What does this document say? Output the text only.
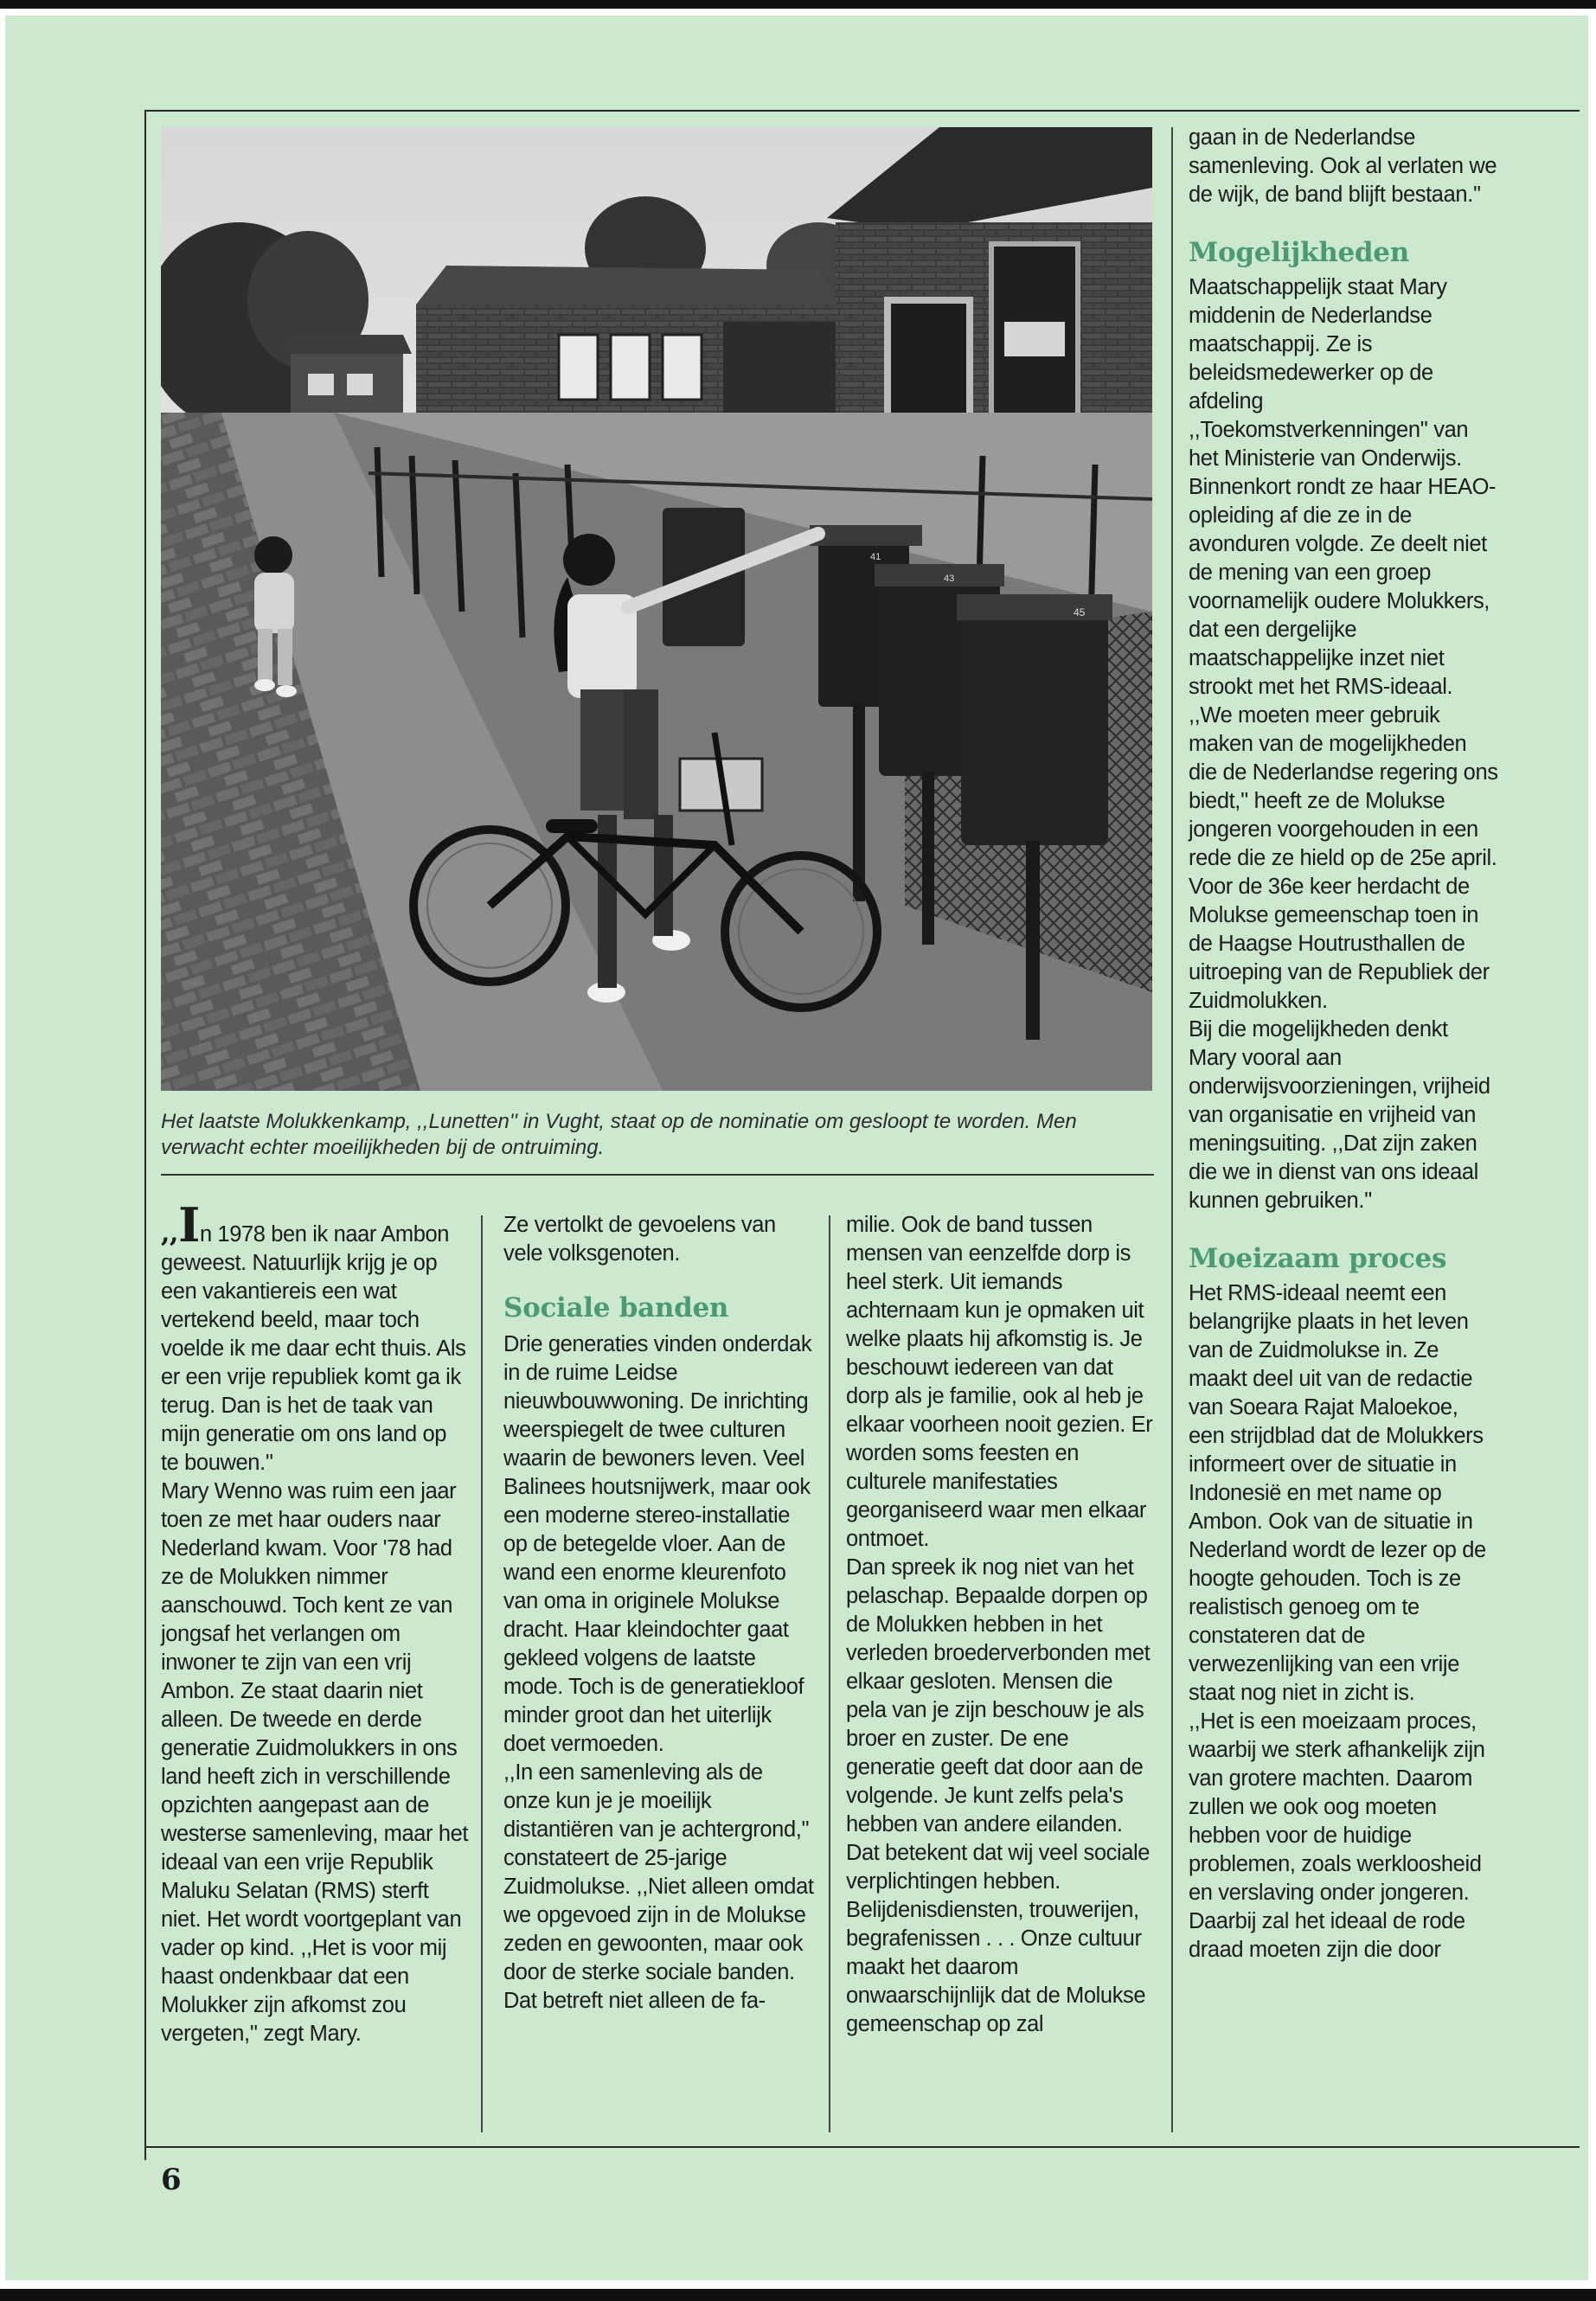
41
43
45
Het laatste Molukkenkamp, ,,Lunetten'' in Vught, staat op de nominatie om gesloopt te worden. Men verwacht echter moeilijkheden bij de ontruiming.

,,In 1978 ben ik naar Ambon geweest. Natuurlijk krijg je op een vakantiereis een wat vertekend beeld, maar toch voelde ik me daar echt thuis. Als er een vrije republiek komt ga ik terug. Dan is het de taak van mijn generatie om ons land op te bouwen.''

Mary Wenno was ruim een jaar toen ze met haar ouders naar Nederland kwam. Voor '78 had ze de Molukken nimmer aanschouwd. Toch kent ze van jongsaf het verlangen om inwoner te zijn van een vrij Ambon. Ze staat daarin niet alleen. De tweede en derde generatie Zuidmolukkers in ons land heeft zich in verschillende opzichten aangepast aan de westerse samenleving, maar het ideaal van een vrije Republik Maluku Selatan (RMS) sterft niet. Het wordt voortgeplant van vader op kind. ,,Het is voor mij haast ondenkbaar dat een Molukker zijn afkomst zou vergeten,'' zegt Mary.

Ze vertolkt de gevoelens van vele volksgenoten.

Sociale banden

Drie generaties vinden onderdak in de ruime Leidse nieuwbouwwoning. De inrichting weerspiegelt de twee culturen waarin de bewoners leven. Veel Balinees houtsnijwerk, maar ook een moderne stereo-installatie op de betegelde vloer. Aan de wand een enorme kleurenfoto van oma in originele Molukse dracht. Haar kleindochter gaat gekleed volgens de laatste mode. Toch is de generatiekloof minder groot dan het uiterlijk doet vermoeden.

,,In een samenleving als de onze kun je je moeilijk distantiëren van je achtergrond,'' constateert de 25-jarige Zuidmolukse. ,,Niet alleen omdat we opgevoed zijn in de Molukse zeden en gewoonten, maar ook door de sterke sociale banden. Dat betreft niet alleen de fa-

milie. Ook de band tussen mensen van eenzelfde dorp is heel sterk. Uit iemands achternaam kun je opmaken uit welke plaats hij afkomstig is. Je beschouwt iedereen van dat dorp als je familie, ook al heb je elkaar voorheen nooit gezien. Er worden soms feesten en culturele manifestaties georganiseerd waar men elkaar ontmoet.

Dan spreek ik nog niet van het pelaschap. Bepaalde dorpen op de Molukken hebben in het verleden broederverbonden met elkaar gesloten. Mensen die pela van je zijn beschouw je als broer en zuster. De ene generatie geeft dat door aan de volgende. Je kunt zelfs pela's hebben van andere eilanden. Dat betekent dat wij veel sociale verplichtingen hebben. Belijdenisdiensten, trouwerijen, begrafenissen . . . Onze cultuur maakt het daarom onwaarschijnlijk dat de Molukse gemeenschap op zal

gaan in de Nederlandse samenleving. Ook al verlaten we de wijk, de band blijft bestaan.''

Mogelijkheden

Maatschappelijk staat Mary middenin de Nederlandse maatschappij. Ze is beleidsmedewerker op de afdeling ,,Toekomstverkenningen'' van het Ministerie van Onderwijs. Binnenkort rondt ze haar HEAO-opleiding af die ze in de avonduren volgde. Ze deelt niet de mening van een groep voornamelijk oudere Molukkers, dat een dergelijke maatschappelijke inzet niet strookt met het RMS-ideaal.

,,We moeten meer gebruik maken van de mogelijkheden die de Nederlandse regering ons biedt,'' heeft ze de Molukse jongeren voorgehouden in een rede die ze hield op de 25e april. Voor de 36e keer herdacht de Molukse gemeenschap toen in de Haagse Houtrusthallen de uitroeping van de Republiek der Zuidmolukken.

Bij die mogelijkheden denkt Mary vooral aan onderwijsvoorzieningen, vrijheid van organisatie en vrijheid van meningsuiting. ,,Dat zijn zaken die we in dienst van ons ideaal kunnen gebruiken.''

Moeizaam proces

Het RMS-ideaal neemt een belangrijke plaats in het leven van de Zuidmolukse in. Ze maakt deel uit van de redactie van Soeara Rajat Maloekoe, een strijdblad dat de Molukkers informeert over de situatie in Indonesië en met name op Ambon. Ook van de situatie in Nederland wordt de lezer op de hoogte gehouden. Toch is ze realistisch genoeg om te constateren dat de verwezenlijking van een vrije staat nog niet in zicht is.

,,Het is een moeizaam proces, waarbij we sterk afhankelijk zijn van grotere machten. Daarom zullen we ook oog moeten hebben voor de huidige problemen, zoals werkloosheid en verslaving onder jongeren. Daarbij zal het ideaal de rode draad moeten zijn die door

6
